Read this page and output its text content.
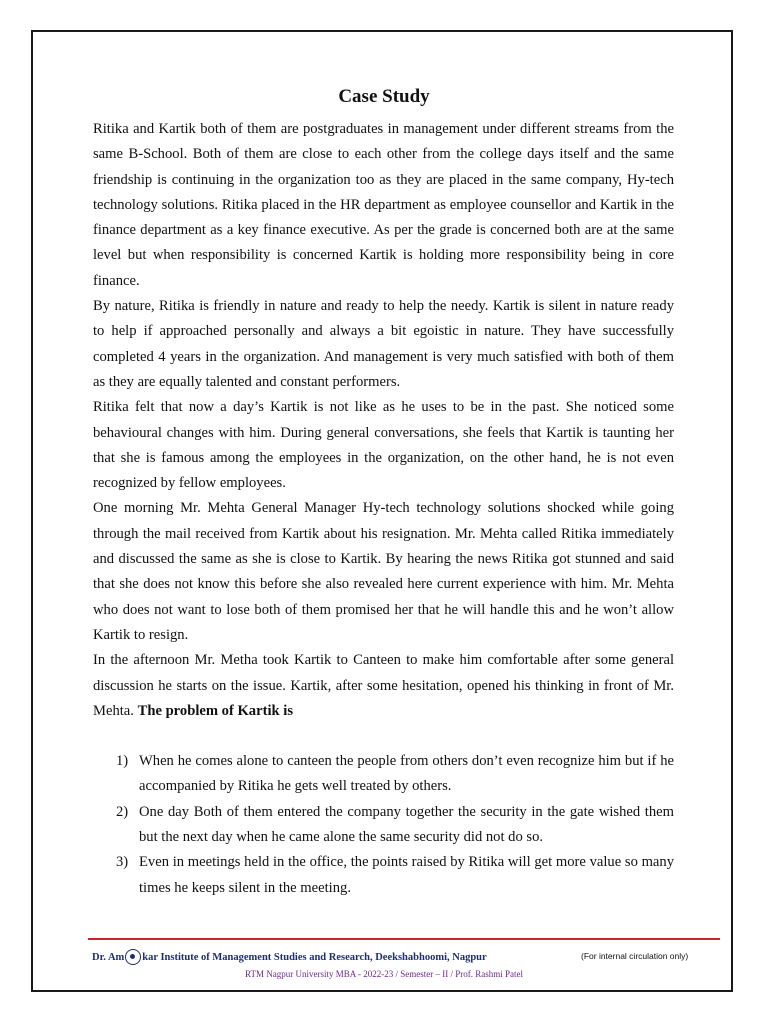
Case Study

Ritika and Kartik both of them are postgraduates in management under different streams from the same B-School. Both of them are close to each other from the college days itself and the same friendship is continuing in the organization too as they are placed in the same company, Hy-tech technology solutions. Ritika placed in the HR department as employee counsellor and Kartik in the finance department as a key finance executive. As per the grade is concerned both are at the same level but when responsibility is concerned Kartik is holding more responsibility being in core finance.

By nature, Ritika is friendly in nature and ready to help the needy. Kartik is silent in nature ready to help if approached personally and always a bit egoistic in nature. They have successfully completed 4 years in the organization. And management is very much satisfied with both of them as they are equally talented and constant performers.

Ritika felt that now a day’s Kartik is not like as he uses to be in the past. She noticed some behavioural changes with him. During general conversations, she feels that Kartik is taunting her that she is famous among the employees in the organization, on the other hand, he is not even recognized by fellow employees.

One morning Mr. Mehta General Manager Hy-tech technology solutions shocked while going through the mail received from Kartik about his resignation. Mr. Mehta called Ritika immediately and discussed the same as she is close to Kartik. By hearing the news Ritika got stunned and said that she does not know this before she also revealed here current experience with him. Mr. Mehta who does not want to lose both of them promised her that he will handle this and he won’t allow Kartik to resign.

In the afternoon Mr. Metha took Kartik to Canteen to make him comfortable after some general discussion he starts on the issue. Kartik, after some hesitation, opened his thinking in front of Mr. Mehta. The problem of Kartik is

1) When he comes alone to canteen the people from others don’t even recognize him but if he accompanied by Ritika he gets well treated by others.
2) One day Both of them entered the company together the security in the gate wished them but the next day when he came alone the same security did not do so.
3) Even in meetings held in the office, the points raised by Ritika will get more value so many times he keeps silent in the meeting.
Dr. Am kar Institute of Management Studies and Research, Deekshabhoomi, Nagpur	(For internal circulation only)
RTM Nagpur University MBA - 2022-23 / Semester – II / Prof. Rashmi Patel
